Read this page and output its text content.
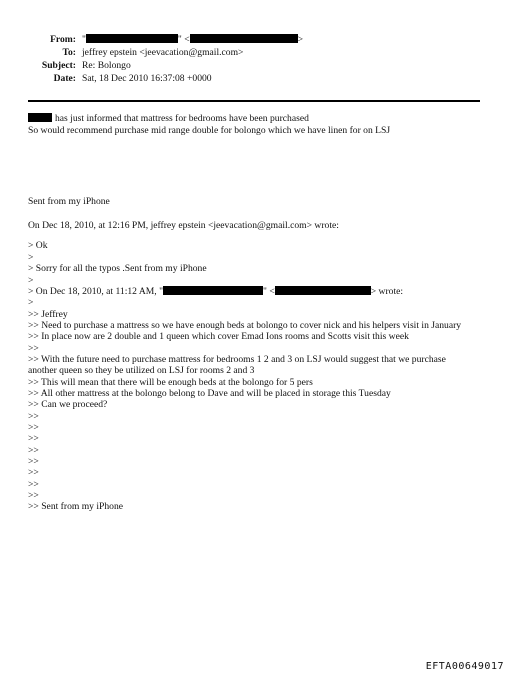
From: "	" <	>
To: jeffrey epstein <jeevacation@gmail.com>
Subject: Re: Bolongo
Date: Sat, 18 Dec 2010 16:37:08 +0000
has just informed that mattress for bedrooms have been purchased
So would recommend purchase mid range double for bolongo which we have linen for on LSJ
Sent from my iPhone
On Dec 18, 2010, at 12:16 PM, jeffrey epstein <jeevacation@gmail.com> wrote:
> Ok
>
> Sorry for all the typos .Sent from my iPhone
>
> On Dec 18, 2010, at 11:12 AM, "	" <	> wrote:
>
>> Jeffrey
>> Need to purchase a mattress so we have enough beds at bolongo to cover nick and his helpers visit in January
>> In place now are 2 double and 1 queen which cover Emad Ions rooms and Scotts visit this week
>>
>> With the future need to purchase mattress for bedrooms 1 2 and 3 on LSJ would suggest that we purchase
another queen so they be utilized on LSJ for rooms 2 and 3
>> This will mean that there will be enough beds at the bolongo for 5 pers
>> All other mattress at the bolongo belong to Dave and will be placed in storage this Tuesday
>> Can we proceed?
>>
>>
>>
>>
>>
>>
>>
>>
>> Sent from my iPhone
EFTA00649017
